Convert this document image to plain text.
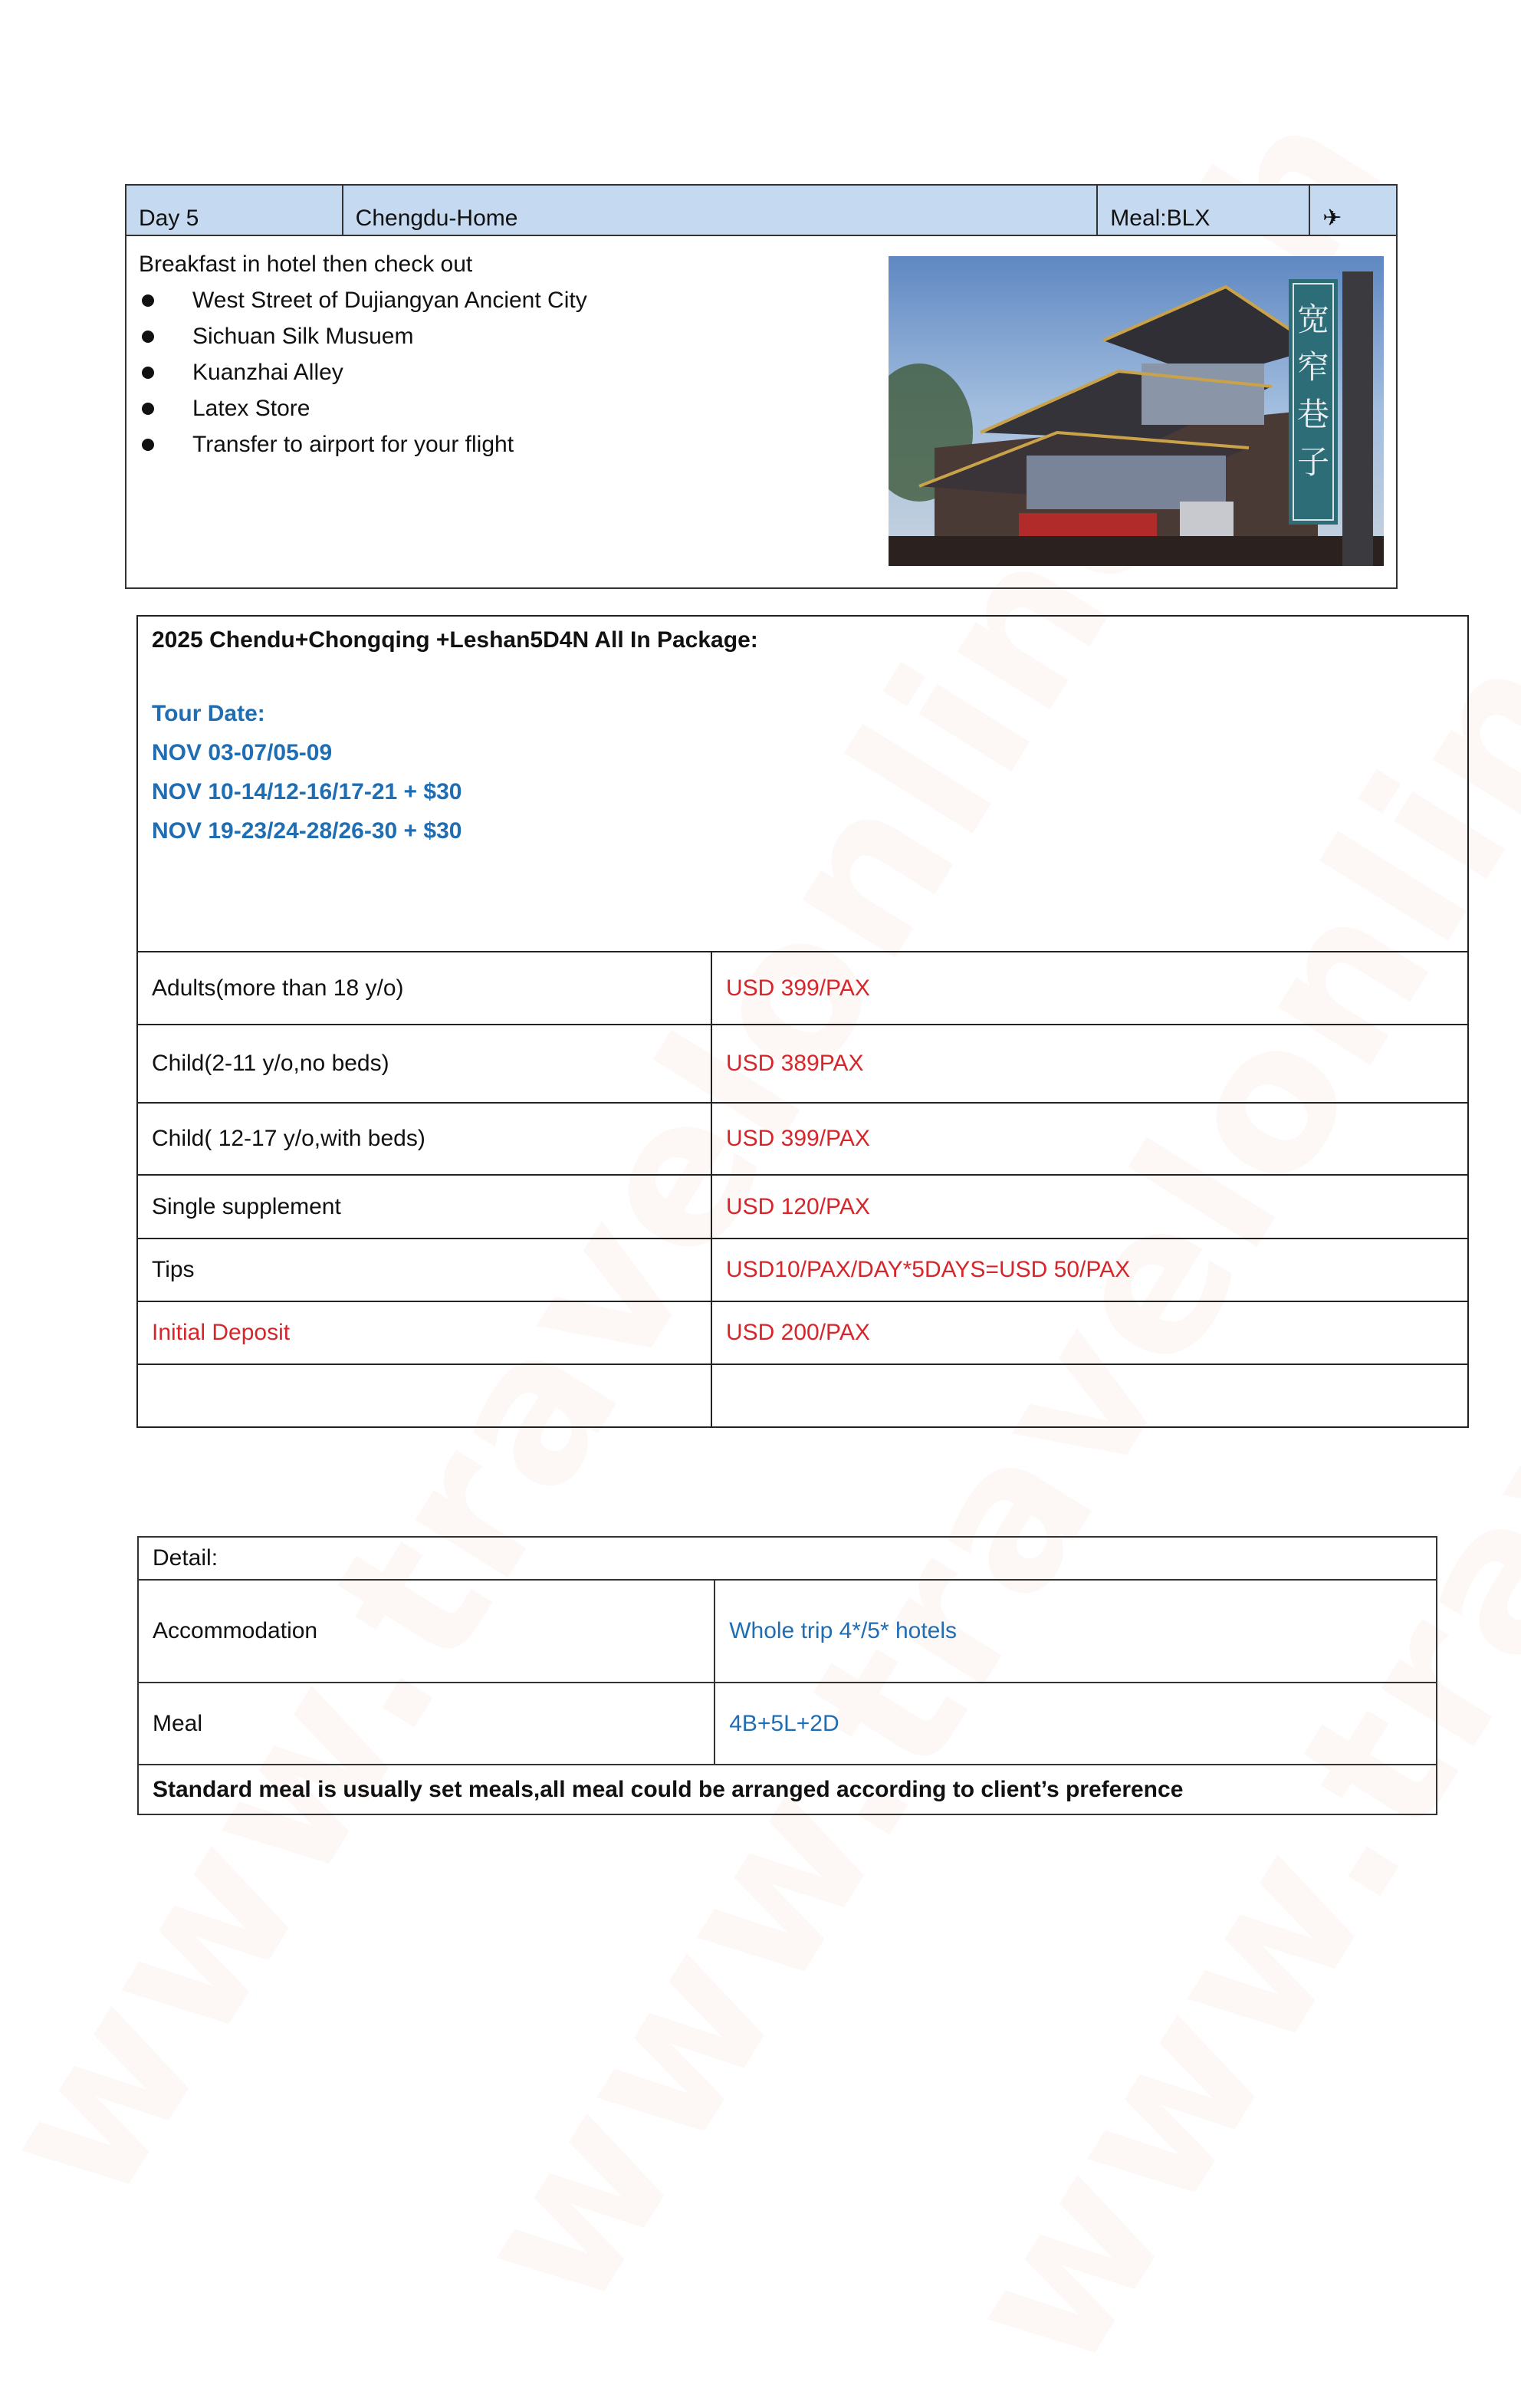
Day 5	Chengdu-Home	Meal:BLX	✈

Breakfast in hotel then check out
West Street of Dujiangyan Ancient City
Sichuan Silk Musuem
Kuanzhai Alley
Latex Store
Transfer to airport for your flight
宽窄巷子
2025 Chendu+Chongqing +Leshan5D4N All In Package:
Tour Date:
NOV 03-07/05-09
NOV 10-14/12-16/17-21 + $30
NOV 19-23/24-28/26-30 + $30	

Adults(more than 18 y/o)	USD 399/PAX
Child(2-11 y/o,no beds)	USD 389PAX
Child( 12-17 y/o,with beds)	USD 399/PAX
Single supplement	USD 120/PAX
Tips	USD10/PAX/DAY*5DAYS=USD 50/PAX
Initial Deposit	USD 200/PAX

Detail:	
Accommodation	Whole trip 4*/5* hotels
Meal	4B+5L+2D
Standard meal is usually set meals,all meal could be arranged according to client’s preference	
